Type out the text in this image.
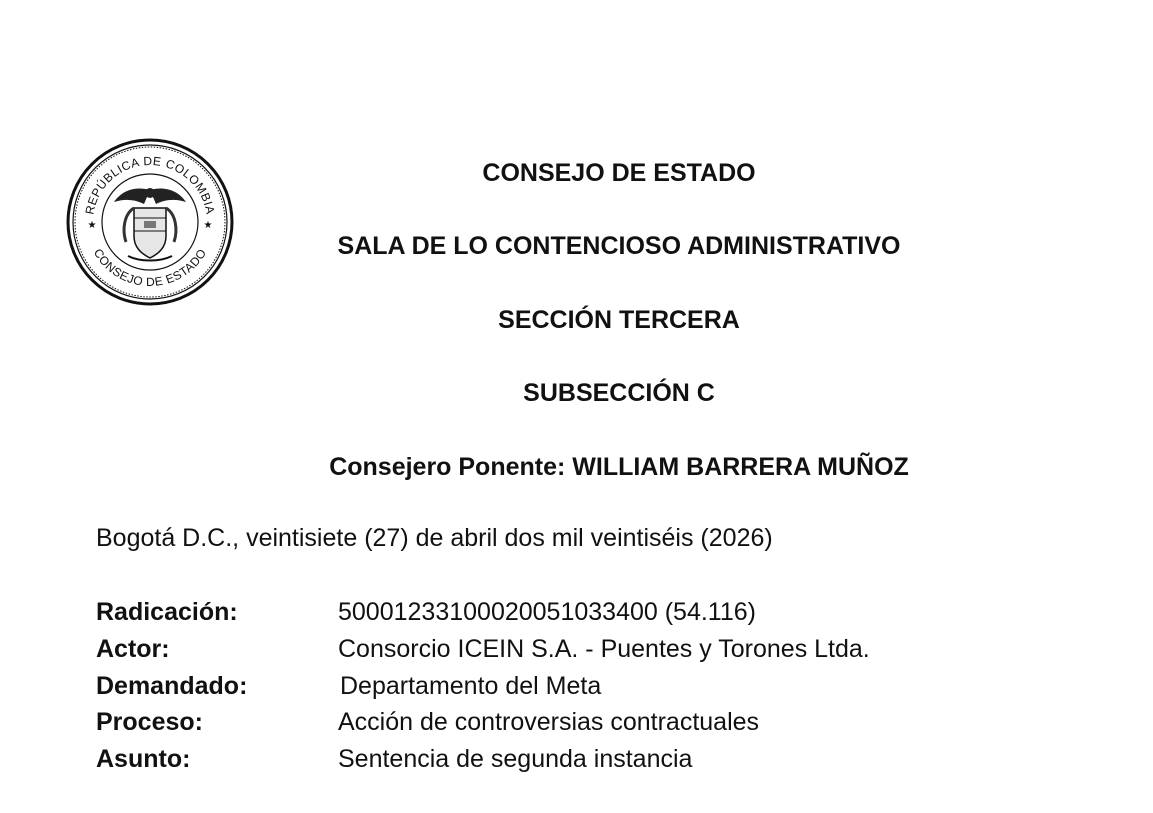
REPÚBLICA DE COLOMBIA
CONSEJO DE ESTADO
★	★
CONSEJO DE ESTADO
SALA DE LO CONTENCIOSO ADMINISTRATIVO
SECCIÓN TERCERA
SUBSECCIÓN C
Consejero Ponente: WILLIAM BARRERA MUÑOZ
Bogotá D.C., veintisiete (27) de abril dos mil veintiséis (2026)
Radicación:	50001233100020051033400 (54.116)
Actor:	Consorcio ICEIN S.A. - Puentes y Torones Ltda.
Demandado:	Departamento del Meta
Proceso:	Acción de controversias contractuales
Asunto:	Sentencia de segunda instancia
